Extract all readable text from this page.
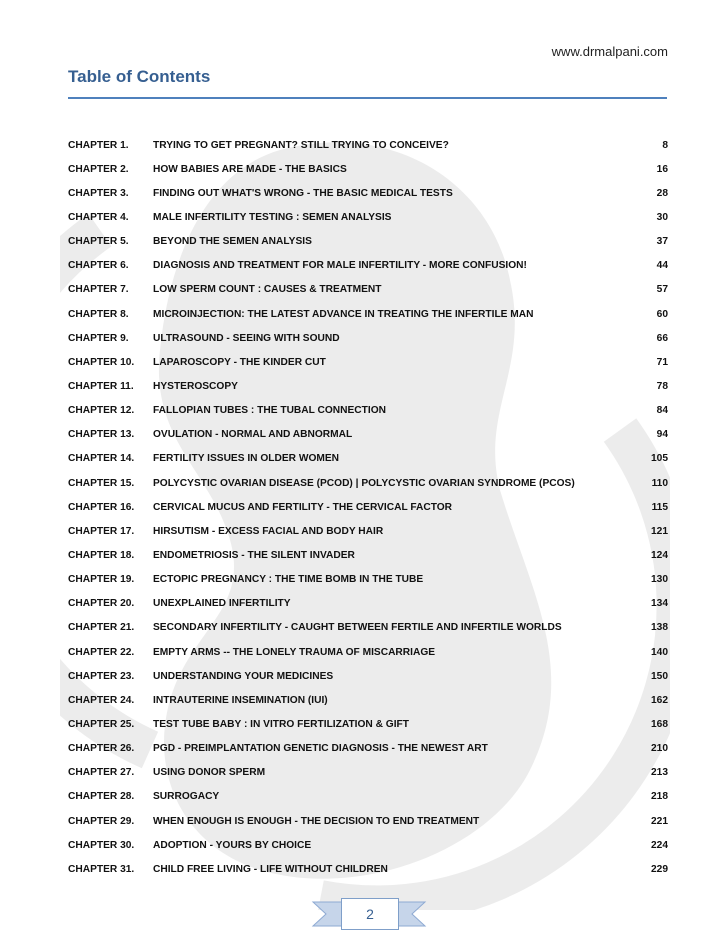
www.drmalpani.com
Table of Contents
CHAPTER 1.	TRYING TO GET PREGNANT? STILL TRYING TO CONCEIVE?	8
CHAPTER 2.	HOW BABIES ARE MADE - THE BASICS	16
CHAPTER 3.	FINDING OUT WHAT'S WRONG - THE BASIC MEDICAL TESTS	28
CHAPTER 4.	MALE INFERTILITY TESTING : SEMEN ANALYSIS	30
CHAPTER 5.	BEYOND THE SEMEN ANALYSIS	37
CHAPTER 6.	DIAGNOSIS AND TREATMENT FOR MALE INFERTILITY - MORE CONFUSION!	44
CHAPTER 7.	LOW SPERM COUNT : CAUSES & TREATMENT	57
CHAPTER 8.	MICROINJECTION: THE LATEST ADVANCE IN TREATING THE INFERTILE MAN	60
CHAPTER 9.	ULTRASOUND - SEEING WITH SOUND	66
CHAPTER 10.	LAPAROSCOPY - THE KINDER CUT	71
CHAPTER 11.	HYSTEROSCOPY	78
CHAPTER 12.	FALLOPIAN TUBES : THE TUBAL CONNECTION	84
CHAPTER 13.	OVULATION - NORMAL AND ABNORMAL	94
CHAPTER 14.	FERTILITY ISSUES IN OLDER WOMEN	105
CHAPTER 15.	POLYCYSTIC OVARIAN DISEASE (PCOD) | POLYCYSTIC OVARIAN SYNDROME (PCOS)	110
CHAPTER 16.	CERVICAL MUCUS AND FERTILITY - THE CERVICAL FACTOR	115
CHAPTER 17.	HIRSUTISM - EXCESS FACIAL AND BODY HAIR	121
CHAPTER 18.	ENDOMETRIOSIS - THE SILENT INVADER	124
CHAPTER 19.	ECTOPIC PREGNANCY : THE TIME BOMB IN THE TUBE	130
CHAPTER 20.	UNEXPLAINED INFERTILITY	134
CHAPTER 21.	SECONDARY INFERTILITY - CAUGHT BETWEEN FERTILE AND INFERTILE WORLDS	138
CHAPTER 22.	EMPTY ARMS -- THE LONELY TRAUMA OF MISCARRIAGE	140
CHAPTER 23.	UNDERSTANDING YOUR MEDICINES	150
CHAPTER 24.	INTRAUTERINE INSEMINATION (IUI)	162
CHAPTER 25.	TEST TUBE BABY : IN VITRO FERTILIZATION & GIFT	168
CHAPTER 26.	PGD - PREIMPLANTATION GENETIC DIAGNOSIS - THE NEWEST ART	210
CHAPTER 27.	USING DONOR SPERM	213
CHAPTER 28.	SURROGACY	218
CHAPTER 29.	WHEN ENOUGH IS ENOUGH - THE DECISION TO END TREATMENT	221
CHAPTER 30.	ADOPTION - YOURS BY CHOICE	224
CHAPTER 31.	CHILD FREE LIVING - LIFE WITHOUT CHILDREN	229
2
